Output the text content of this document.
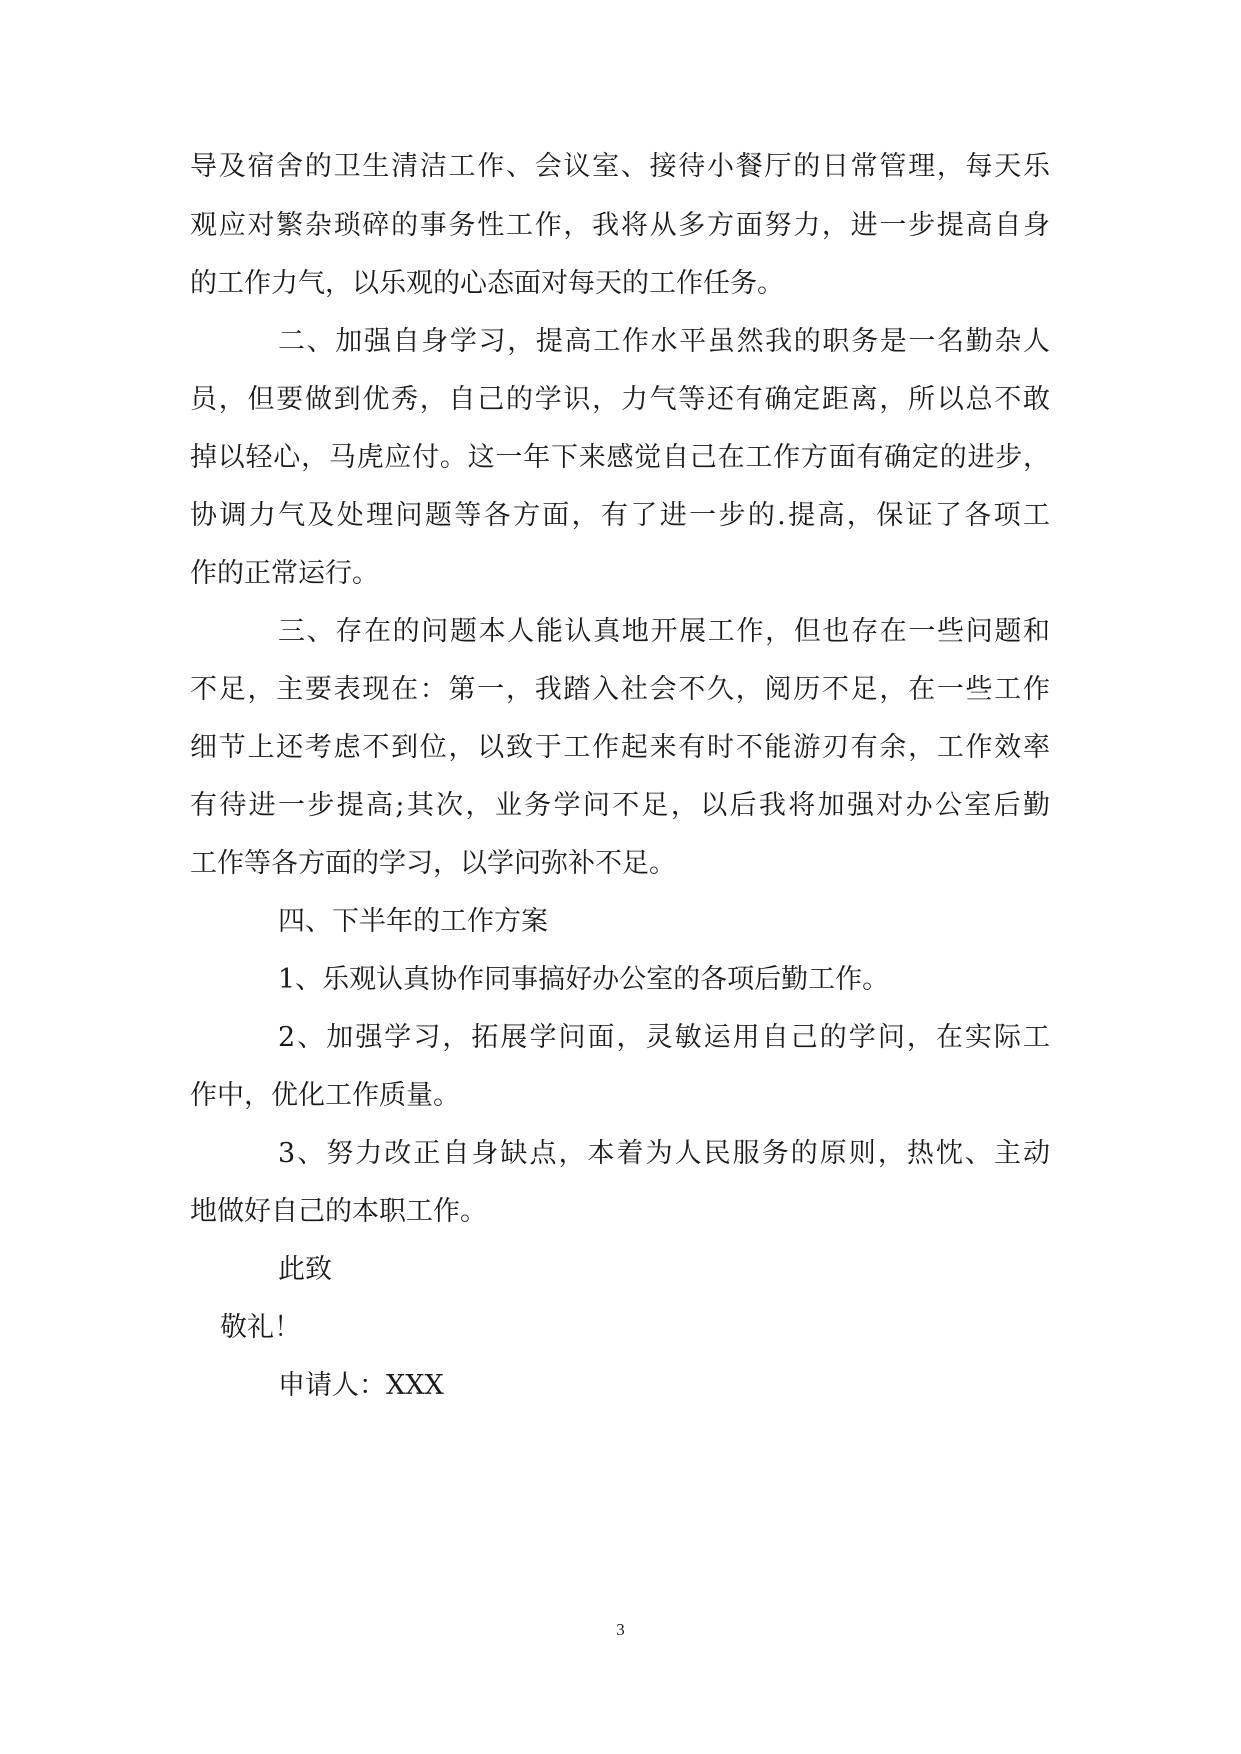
导及宿舍的卫生清洁工作、会议室、接待小餐厅的日常管理，每天乐
观应对繁杂琐碎的事务性工作，我将从多方面努力，进一步提高自身
的工作力气，以乐观的心态面对每天的工作任务。
二、加强自身学习，提高工作水平虽然我的职务是一名勤杂人
员，但要做到优秀，自己的学识，力气等还有确定距离，所以总不敢
掉以轻心，马虎应付。这一年下来感觉自己在工作方面有确定的进步，
协调力气及处理问题等各方面，有了进一步的.提高，保证了各项工
作的正常运行。
三、存在的问题本人能认真地开展工作，但也存在一些问题和
不足，主要表现在：第一，我踏入社会不久，阅历不足，在一些工作
细节上还考虑不到位，以致于工作起来有时不能游刃有余，工作效率
有待进一步提高;其次，业务学问不足，以后我将加强对办公室后勤
工作等各方面的学习，以学问弥补不足。
四、下半年的工作方案
1、乐观认真协作同事搞好办公室的各项后勤工作。
2、加强学习，拓展学问面，灵敏运用自己的学问，在实际工
作中，优化工作质量。
3、努力改正自身缺点，本着为人民服务的原则，热忱、主动
地做好自己的本职工作。
此致
敬礼！
申请人：XXX
3
